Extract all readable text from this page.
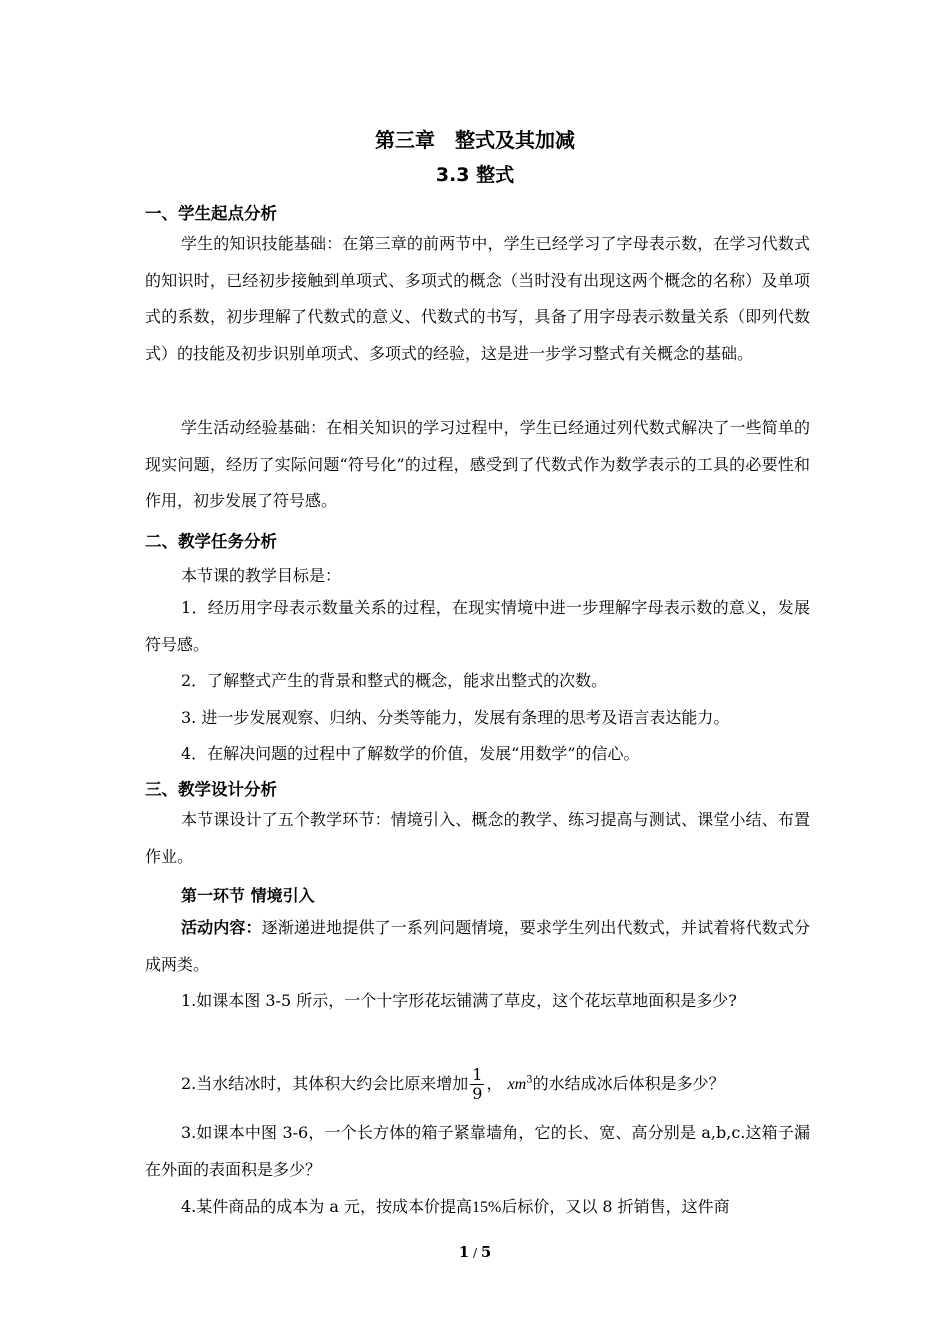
第三章　整式及其加减
3.3 整式
一、学生起点分析
学生的知识技能基础：在第三章的前两节中，学生已经学习了字母表示数，在学习代数式的知识时，已经初步接触到单项式、多项式的概念（当时没有出现这两个概念的名称）及单项式的系数，初步理解了代数式的意义、代数式的书写，具备了用字母表示数量关系（即列代数式）的技能及初步识别单项式、多项式的经验，这是进一步学习整式有关概念的基础。
学生活动经验基础：在相关知识的学习过程中，学生已经通过列代数式解决了一些简单的现实问题，经历了实际问题“符号化”的过程，感受到了代数式作为数学表示的工具的必要性和作用，初步发展了符号感。
二、教学任务分析
本节课的教学目标是：
1．经历用字母表示数量关系的过程，在现实情境中进一步理解字母表示数的意义，发展符号感。
2．了解整式产生的背景和整式的概念，能求出整式的次数。
3. 进一步发展观察、归纳、分类等能力，发展有条理的思考及语言表达能力。
4．在解决问题的过程中了解数学的价值，发展“用数学”的信心。
三、教学设计分析
本节课设计了五个教学环节：情境引入、概念的教学、练习提高与测试、课堂小结、布置作业。
第一环节 情境引入
活动内容：逐渐递进地提供了一系列问题情境，要求学生列出代数式，并试着将代数式分成两类。
1.如课本图 3-5 所示，一个十字形花坛铺满了草皮，这个花坛草地面积是多少?
2.当水结冰时，其体积大约会比原来增加 $\frac{1}{9}$ ， $xm^3$的水结成冰后体积是多少？
3.如课本中图 3-6，一个长方体的箱子紧靠墙角，它的长、宽、高分别是 a,b,c.这箱子漏在外面的表面积是多少？
4.某件商品的成本为 a 元，按成本价提高15%后标价，又以 8 折销售，这件商
1 / 5
